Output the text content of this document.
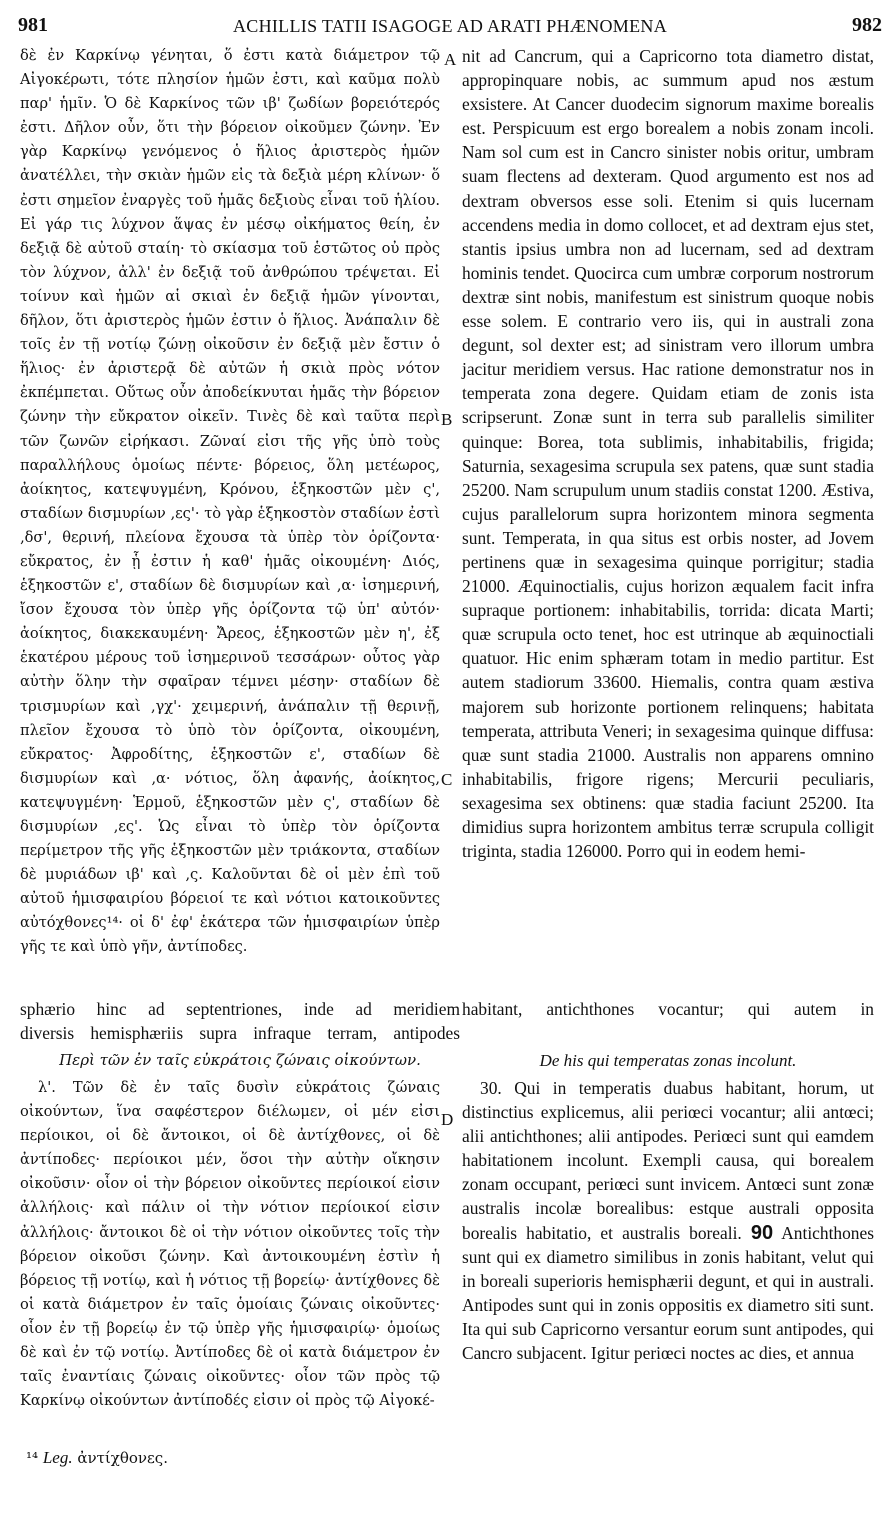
981	ACHILLIS TATII ISAGOGE AD ARATI PHÆNOMENA	982
A
B
C
D

δὲ ἐν Καρκίνῳ γένηται, ὅ ἐστι κατὰ διάμετρον τῷ Αἰγοκέρωτι, τότε πλησίον ἡμῶν ἐστι, καὶ καῦμα πολὺ παρ' ἡμῖν. Ὁ δὲ Καρκίνος τῶν ιβ' ζωδίων βορειότερός ἐστι. Δῆλον οὖν, ὅτι τὴν βόρειον οἰκοῦμεν ζώνην. Ἐν γὰρ Καρκίνῳ γενόμενος ὁ ἥλιος ἀριστερὸς ἡμῶν ἀνατέλλει, τὴν σκιὰν ἡμῶν εἰς τὰ δεξιὰ μέρη κλίνων· ὅ ἐστι σημεῖον ἐναργὲς τοῦ ἡμᾶς δεξιοὺς εἶναι τοῦ ἡλίου. Εἰ γάρ τις λύχνον ἅψας ἐν μέσῳ οἰκήματος θείη, ἐν δεξιᾷ δὲ αὐτοῦ σταίη· τὸ σκίασμα τοῦ ἑστῶτος οὐ πρὸς τὸν λύχνον, ἀλλ' ἐν δεξιᾷ τοῦ ἀνθρώπου τρέψεται. Εἰ τοίνυν καὶ ἡμῶν αἱ σκιαὶ ἐν δεξιᾷ ἡμῶν γίνονται, δῆλον, ὅτι ἀριστερὸς ἡμῶν ἐστιν ὁ ἥλιος. Ἀνάπαλιν δὲ τοῖς ἐν τῇ νοτίῳ ζώνῃ οἰκοῦσιν ἐν δεξιᾷ μὲν ἔστιν ὁ ἥλιος· ἐν ἀριστερᾷ δὲ αὐτῶν ἡ σκιὰ πρὸς νότον ἐκπέμπεται. Οὕτως οὖν ἀποδείκνυται ἡμᾶς τὴν βόρειον ζώνην τὴν εὔκρατον οἰκεῖν. Τινὲς δὲ καὶ ταῦτα περὶ τῶν ζωνῶν εἰρήκασι. Ζῶναί εἰσι τῆς γῆς ὑπὸ τοὺς παραλλήλους ὁμοίως πέντε· βόρειος, ὅλη μετέωρος, ἀοίκητος, κατεψυγμένη, Κρόνου, ἑξηκοστῶν μὲν ς', σταδίων δισμυρίων ‚ες'· τὸ γὰρ ἑξηκοστὸν σταδίων ἐστὶ ‚δσ', θερινή, πλείονα ἔχουσα τὰ ὑπὲρ τὸν ὁρίζοντα· εὔκρατος, ἐν ᾗ ἐστιν ἡ καθ' ἡμᾶς οἰκουμένη· Διός, ἑξηκοστῶν ε', σταδίων δὲ δισμυρίων καὶ ‚α· ἰσημερινή, ἴσον ἔχουσα τὸν ὑπὲρ γῆς ὁρίζοντα τῷ ὑπ' αὐτόν· ἀοίκητος, διακεκαυμένη· Ἄρεος, ἑξηκοστῶν μὲν η', ἐξ ἑκατέρου μέρους τοῦ ἰσημερινοῦ τεσσάρων· οὗτος γὰρ αὐτὴν ὅλην τὴν σφαῖραν τέμνει μέσην· σταδίων δὲ τρισμυρίων καὶ ‚γχ'· χειμερινή, ἀνάπαλιν τῇ θερινῇ, πλεῖον ἔχουσα τὸ ὑπὸ τὸν ὁρίζοντα, οἰκουμένη, εὔκρατος· Ἀφροδίτης, ἑξηκοστῶν ε', σταδίων δὲ δισμυρίων καὶ ‚α· νότιος, ὅλη ἀφανής, ἀοίκητος, κατεψυγμένη· Ἑρμοῦ, ἑξηκοστῶν μὲν ς', σταδίων δὲ δισμυρίων ‚ες'. Ὡς εἶναι τὸ ὑπὲρ τὸν ὁρίζοντα περίμετρον τῆς γῆς ἑξηκοστῶν μὲν τριάκοντα, σταδίων δὲ μυριάδων ιβ' καὶ ‚ς. Καλοῦνται δὲ οἱ μὲν ἐπὶ τοῦ αὐτοῦ ἡμισφαιρίου βόρειοί τε καὶ νότιοι κατοικοῦντες αὐτόχθονες¹⁴· οἱ δ' ἐφ' ἑκάτερα τῶν ἡμισφαιρίων ὑπὲρ γῆς τε καὶ ὑπὸ γῆν, ἀντίποδες.

nit ad Cancrum, qui a Capricorno tota diametro distat, appropinquare nobis, ac summum apud nos æstum exsistere. At Cancer duodecim signorum maxime borealis est. Perspicuum est ergo borealem a nobis zonam incoli. Nam sol cum est in Cancro sinister nobis oritur, umbram suam flectens ad dexteram. Quod argumento est nos ad dextram obversos esse soli. Etenim si quis lucernam accendens media in domo collocet, et ad dextram ejus stet, stantis ipsius umbra non ad lucernam, sed ad dextram hominis tendet. Quocirca cum umbræ corporum nostrorum dextræ sint nobis, manifestum est sinistrum quoque nobis esse solem. E contrario vero iis, qui in australi zona degunt, sol dexter est; ad sinistram vero illorum umbra jacitur meridiem versus. Hac ratione demonstratur nos in temperata zona degere. Quidam etiam de zonis ista scripserunt. Zonæ sunt in terra sub parallelis similiter quinque: Borea, tota sublimis, inhabitabilis, frigida; Saturnia, sexagesima scrupula sex patens, quæ sunt stadia 25200. Nam scrupulum unum stadiis constat 1200. Æstiva, cujus parallelorum supra horizontem minora segmenta sunt. Temperata, in qua situs est orbis noster, ad Jovem pertinens quæ in sexagesima quinque porrigitur; stadia 21000. Æquinoctialis, cujus horizon æqualem facit infra supraque portionem: inhabitabilis, torrida: dicata Marti; quæ scrupula octo tenet, hoc est utrinque ab æquinoctiali quatuor. Hic enim sphæram totam in medio partitur. Est autem stadiorum 33600. Hiemalis, contra quam æstiva majorem sub horizonte portionem relinquens; habitata temperata, attributa Veneri; in sexagesima quinque diffusa: quæ sunt stadia 21000. Australis non apparens omnino inhabitabilis, frigore rigens; Mercurii peculiaris, sexagesima sex obtinens: quæ stadia faciunt 25200. Ita dimidius supra horizontem ambitus terræ scrupula colligit triginta, stadia 126000. Porro qui in eodem hemi-

sphærio hinc ad septentriones, inde ad meridiem habitant, antichthones vocantur; qui autem in
diversis hemisphæriis supra infraque terram, antipodes
Περὶ τῶν ἐν ταῖς εὐκράτοις ζώναις οἰκούντων.	De his qui temperatas zonas incolunt.

λ'. Τῶν δὲ ἐν ταῖς δυσὶν εὐκράτοις ζώναις οἰκούντων, ἵνα σαφέστερον διέλωμεν, οἱ μέν εἰσι περίοικοι, οἱ δὲ ἄντοικοι, οἱ δὲ ἀντίχθονες, οἱ δὲ ἀντίποδες· περίοικοι μέν, ὅσοι τὴν αὐτὴν οἴκησιν οἰκοῦσιν· οἷον οἱ τὴν βόρειον οἰκοῦντες περίοικοί εἰσιν ἀλλήλοις· καὶ πάλιν οἱ τὴν νότιον περίοικοί εἰσιν ἀλλήλοις· ἄντοικοι δὲ οἱ τὴν νότιον οἰκοῦντες τοῖς τὴν βόρειον οἰκοῦσι ζώνην. Καὶ ἀντοικουμένη ἐστὶν ἡ βόρειος τῇ νοτίῳ, καὶ ἡ νότιος τῇ βορείῳ· ἀντίχθονες δὲ οἱ κατὰ διάμετρον ἐν ταῖς ὁμοίαις ζώναις οἰκοῦντες· οἷον ἐν τῇ βορείῳ ἐν τῷ ὑπὲρ γῆς ἡμισφαιρίῳ· ὁμοίως δὲ καὶ ἐν τῷ νοτίῳ. Ἀντίποδες δὲ οἱ κατὰ διάμετρον ἐν ταῖς ἐναντίαις ζώναις οἰκοῦντες· οἷον τῶν πρὸς τῷ Καρκίνῳ οἰκούντων ἀντίποδές εἰσιν οἱ πρὸς τῷ Αἰγοκέ-

30. Qui in temperatis duabus habitant, horum, ut distinctius explicemus, alii periœci vocantur; alii antœci; alii antichthones; alii antipodes. Periœci sunt qui eamdem habitationem incolunt. Exempli causa, qui borealem zonam occupant, periœci sunt invicem. Antœci sunt zonæ australis incolæ borealibus: estque australi opposita borealis habitatio, et australis boreali. 90 Antichthones sunt qui ex diametro similibus in zonis habitant, velut qui in boreali superioris hemisphærii degunt, et qui in australi. Antipodes sunt qui in zonis oppositis ex diametro siti sunt. Ita qui sub Capricorno versantur eorum sunt antipodes, qui Cancro subjacent. Igitur periœci noctes ac dies, et annua

¹⁴ Leg. ἀντίχθονες.
